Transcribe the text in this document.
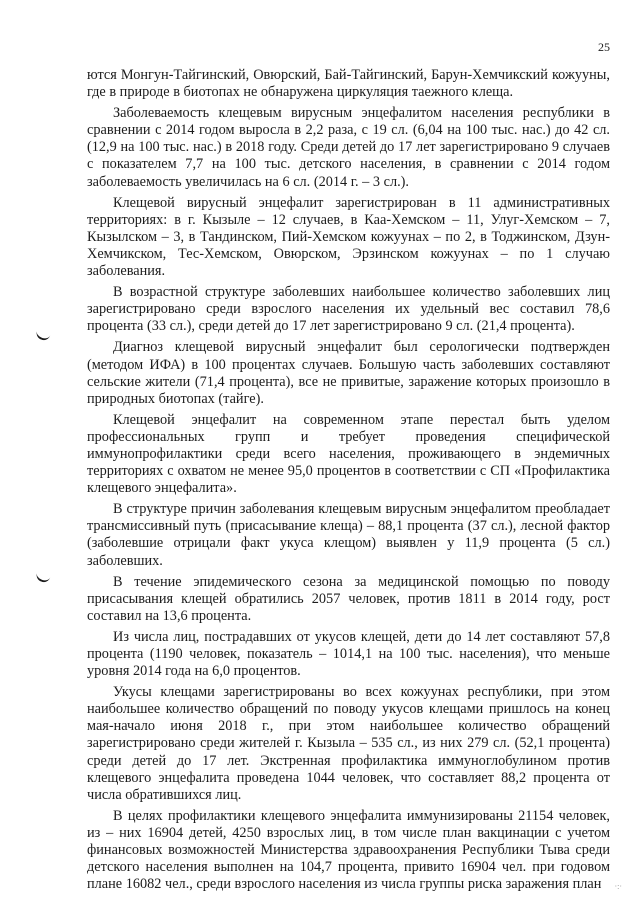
25

ются Монгун-Тайгинский, Овюрский, Бай-Тайгинский, Барун-Хемчикский кожууны, где в природе в биотопах не обнаружена циркуляция таежного клеща.

Заболеваемость клещевым вирусным энцефалитом населения республики в сравнении с 2014 годом выросла в 2,2 раза, с 19 сл. (6,04 на 100 тыс. нас.) до 42 сл. (12,9 на 100 тыс. нас.) в 2018 году. Среди детей до 17 лет зарегистрировано 9 случаев с показателем 7,7 на 100 тыс. детского населения, в сравнении с 2014 годом заболеваемость увеличилась на 6 сл. (2014 г. – 3 сл.).

Клещевой вирусный энцефалит зарегистрирован в 11 административных территориях: в г. Кызыле – 12 случаев, в Каа-Хемском – 11, Улуг-Хемском – 7, Кызылском – 3, в Тандинском, Пий-Хемском кожуунах – по 2, в Тоджинском, Дзун-Хемчикском, Тес-Хемском, Овюрском, Эрзинском кожуунах – по 1 случаю заболевания.

В возрастной структуре заболевших наибольшее количество заболевших лиц зарегистрировано среди взрослого населения их удельный вес составил 78,6 процента (33 сл.), среди детей до 17 лет зарегистрировано 9 сл. (21,4 процента).

Диагноз клещевой вирусный энцефалит был серологически подтвержден (методом ИФА) в 100 процентах случаев. Большую часть заболевших составляют сельские жители (71,4 процента), все не привитые, заражение которых произошло в природных биотопах (тайге).

Клещевой энцефалит на современном этапе перестал быть уделом профессиональных групп и требует проведения специфической иммунопрофилактики среди всего населения, проживающего в эндемичных территориях с охватом не менее 95,0 процентов в соответствии с СП «Профилактика клещевого энцефалита».

В структуре причин заболевания клещевым вирусным энцефалитом преобладает трансмиссивный путь (присасывание клеща) – 88,1 процента (37 сл.), лесной фактор (заболевшие отрицали факт укуса клещом) выявлен у 11,9 процента (5 сл.) заболевших.

В течение эпидемического сезона за медицинской помощью по поводу присасывания клещей обратились 2057 человек, против 1811 в 2014 году, рост составил на 13,6 процента.

Из числа лиц, пострадавших от укусов клещей, дети до 14 лет составляют 57,8 процента (1190 человек, показатель – 1014,1 на 100 тыс. населения), что меньше уровня 2014 года на 6,0 процентов.

Укусы клещами зарегистрированы во всех кожуунах республики, при этом наибольшее количество обращений по поводу укусов клещами пришлось на конец мая-начало июня 2018 г., при этом наибольшее количество обращений зарегистрировано среди жителей г. Кызыла – 535 сл., из них 279 сл. (52,1 процента) среди детей до 17 лет. Экстренная профилактика иммуноглобулином против клещевого энцефалита проведена 1044 человек, что составляет 88,2 процента от числа обратившихся лиц.

В целях профилактики клещевого энцефалита иммунизированы 21154 человек, из – них 16904 детей, 4250 взрослых лиц, в том числе план вакцинации с учетом финансовых возможностей Министерства здравоохранения Республики Тыва среди детского населения выполнен на 104,7 процента, привито 16904 чел. при годовом плане 16082 чел., среди взрослого населения из числа группы риска заражения план	·:·
